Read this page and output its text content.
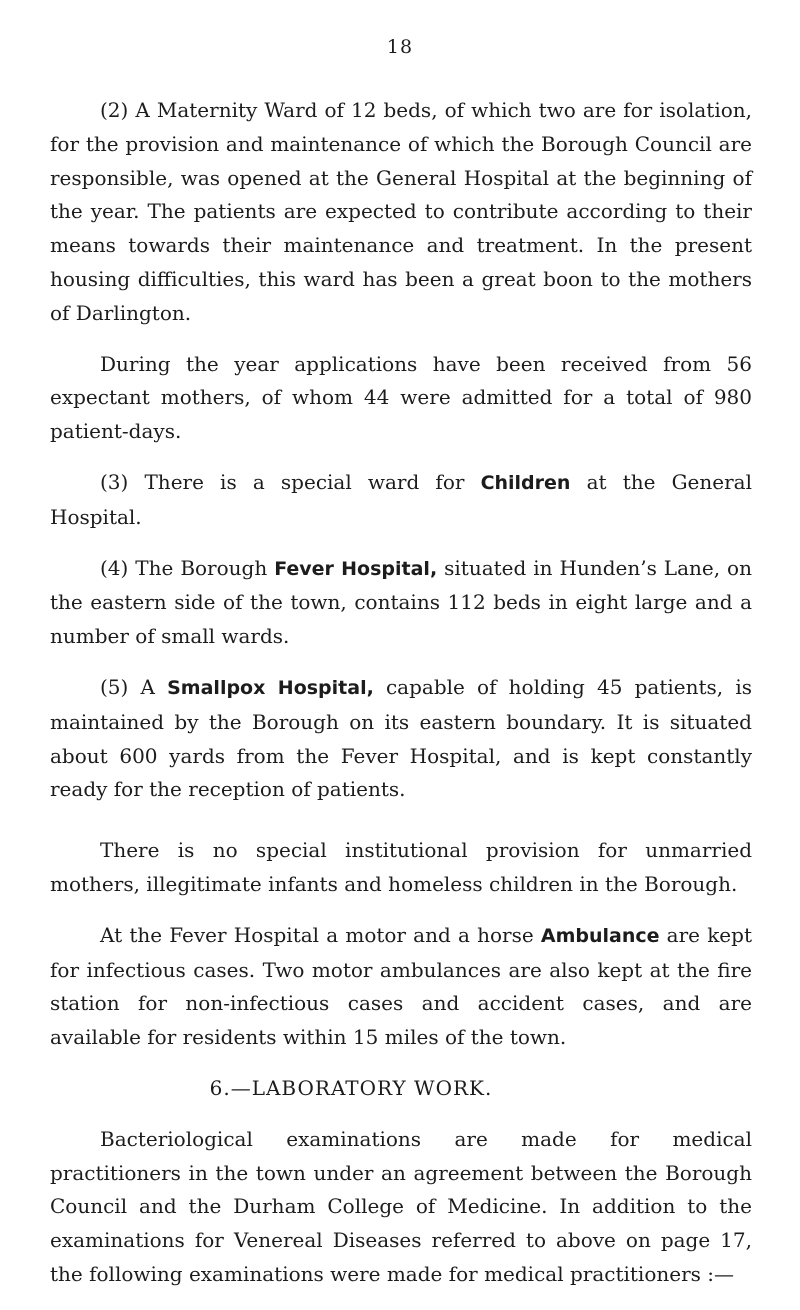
18

(2) A Maternity Ward of 12 beds, of which two are for isolation, for the provision and maintenance of which the Borough Council are responsible, was opened at the General Hospital at the beginning of the year. The patients are expected to contribute according to their means towards their maintenance and treatment. In the present housing difficulties, this ward has been a great boon to the mothers of Darlington.

During the year applications have been received from 56 expectant mothers, of whom 44 were admitted for a total of 980 patient-days.

(3) There is a special ward for Children at the General Hospital.

(4) The Borough Fever Hospital, situated in Hunden’s Lane, on the eastern side of the town, contains 112 beds in eight large and a number of small wards.

(5) A Smallpox Hospital, capable of holding 45 patients, is maintained by the Borough on its eastern boundary. It is situated about 600 yards from the Fever Hospital, and is kept constantly ready for the reception of patients.

There is no special institutional provision for unmarried mothers, illegitimate infants and homeless children in the Borough.

At the Fever Hospital a motor and a horse Ambulance are kept for infectious cases. Two motor ambulances are also kept at the fire station for non-infectious cases and accident cases, and are available for residents within 15 miles of the town.

6.—LABORATORY WORK.

Bacteriological examinations are made for medical practitioners in the town under an agreement between the Borough Council and the Durham College of Medicine. In addition to the examinations for Venereal Diseases referred to above on page 17, the following examinations were made for medical practitioners :—
